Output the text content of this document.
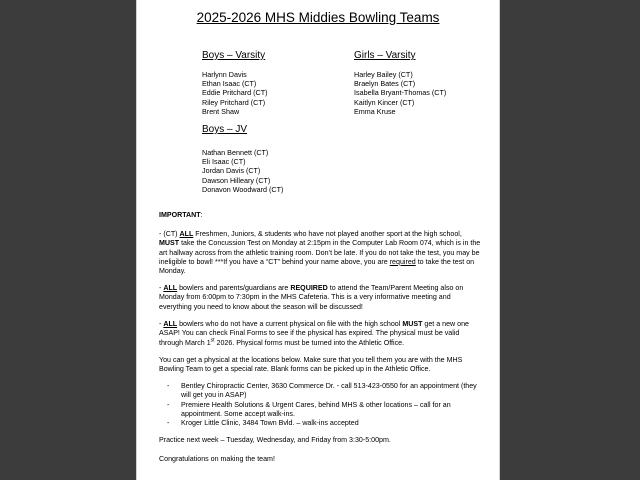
2025-2026 MHS Middies Bowling Teams
Boys – Varsity
Harlynn Davis
Ethan Isaac (CT)
Eddie Pritchard (CT)
Riley Pritchard (CT)
Brent Shaw
Girls – Varsity
Harley Bailey (CT)
Braelyn Bates (CT)
Isabella Bryant-Thomas (CT)
Kaitlyn Kincer (CT)
Emma Kruse
Boys – JV
Nathan Bennett (CT)
Eli Isaac (CT)
Jordan Davis (CT)
Dawson Hilleary (CT)
Donavon Woodward (CT)
IMPORTANT:

- (CT) ALL Freshmen, Juniors, & students who have not played another sport at the high school, MUST take the Concussion Test on Monday at 2:15pm in the Computer Lab Room 074, which is in the art hallway across from the athletic training room. Don’t be late. If you do not take the test, you may be ineligible to bowl! ***If you have a “CT” behind your name above, you are required to take the test on Monday.

- ALL bowlers and parents/guardians are REQUIRED to attend the Team/Parent Meeting also on Monday from 6:00pm to 7:30pm in the MHS Cafeteria. This is a very informative meeting and everything you need to know about the season will be discussed!

- ALL bowlers who do not have a current physical on file with the high school MUST get a new one ASAP! You can check Final Forms to see if the physical has expired. The physical must be valid through March 1st 2026. Physical forms must be turned into the Athletic Office.

You can get a physical at the locations below. Make sure that you tell them you are with the MHS Bowling Team to get a special rate. Blank forms can be picked up in the Athletic Office.
- Bentley Chiropractic Center, 3630 Commerce Dr. - call 513-423-0550 for an appointment (they will get you in ASAP)
- Premiere Health Solutions & Urgent Cares, behind MHS & other locations – call for an appointment. Some accept walk-ins.
- Kroger Little Clinic, 3484 Town Bvld. – walk-ins accepted
Practice next week – Tuesday, Wednesday, and Friday from 3:30-5:00pm.
Congratulations on making the team!
